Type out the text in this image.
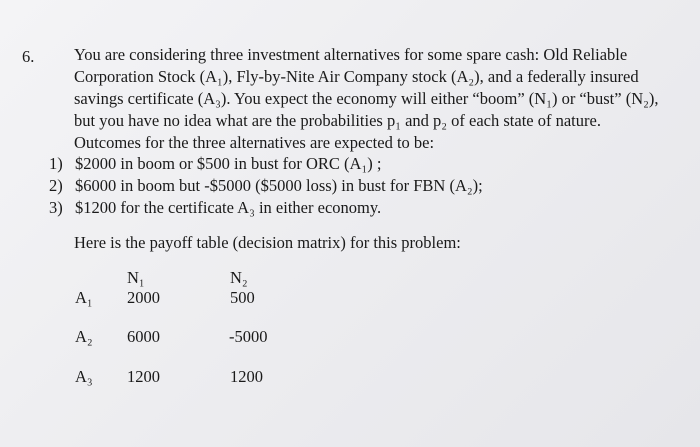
6. You are considering three investment alternatives for some spare cash: Old Reliable
Corporation Stock (A₁), Fly-by-Nite Air Company stock (A₂), and a federally insured
savings certificate (A₃). You expect the economy will either “boom” (N₁) or “bust” (N₂),
but you have no idea what are the probabilities p₁ and p₂ of each state of nature.
Outcomes for the three alternatives are expected to be:
1) $2000 in boom or $500 in bust for ORC (A₁) ;
2) $6000 in boom but -$5000 ($5000 loss) in bust for FBN (A₂);
3) $1200 for the certificate A₃ in either economy.
Here is the payoff table (decision matrix) for this problem:
N₁	N₂
A₁ 2000	500
A₂ 6000	-5000
A₃ 1200	1200
